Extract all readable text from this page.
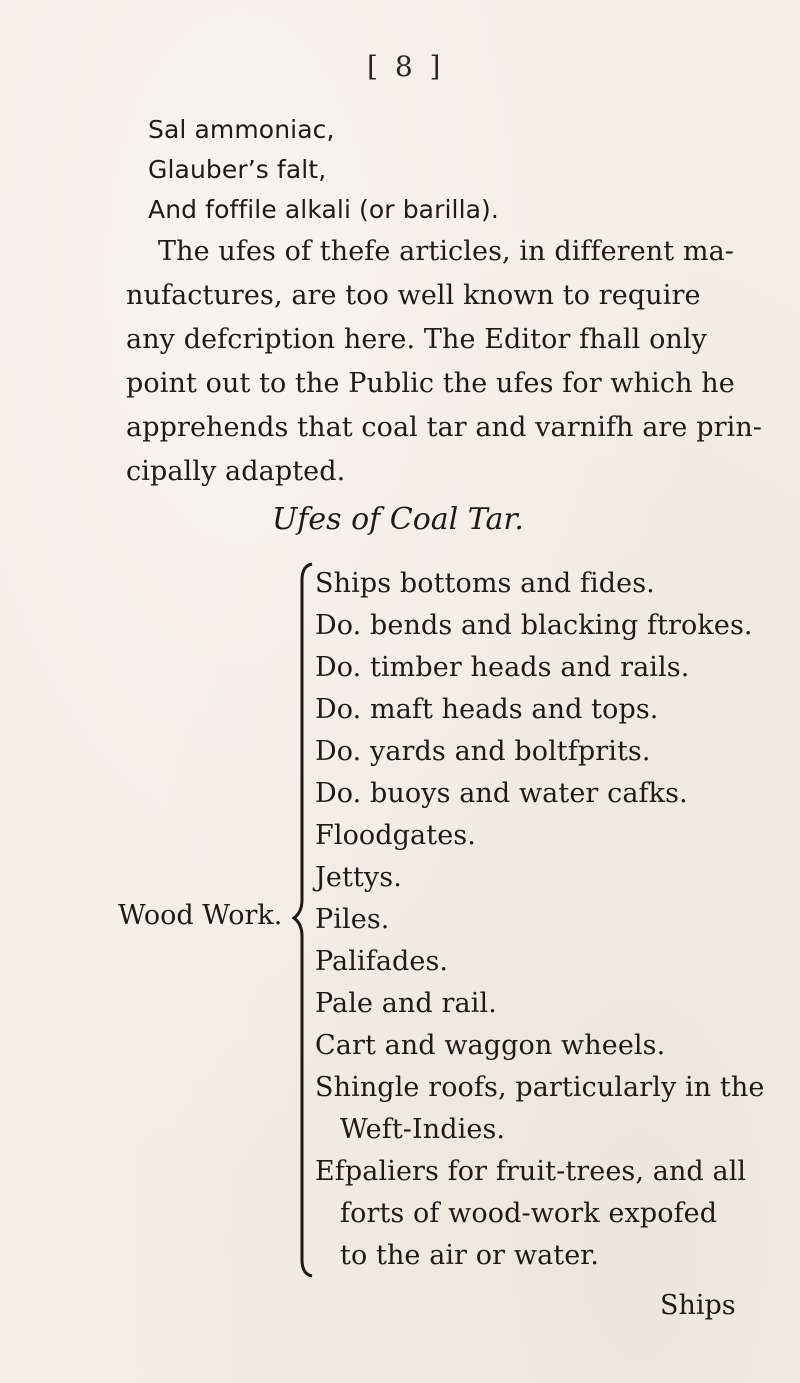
[ 8 ]
Sal ammoniac,
Glauber’s falt,
And foffile alkali (or barilla).
The ufes of thefe articles, in different ma-
nufactures, are too well known to require
any defcription here. The Editor fhall only
point out to the Public the ufes for which he
apprehends that coal tar and varnifh are prin-
cipally adapted.
Ufes of Coal Tar.
Wood Work.
Ships bottoms and fides.
Do. bends and blacking ftrokes.
Do. timber heads and rails.
Do. maft heads and tops.
Do. yards and boltfprits.
Do. buoys and water cafks.
Floodgates.
Jettys.
Piles.
Palifades.
Pale and rail.
Cart and waggon wheels.
Shingle roofs, particularly in the
Weft-Indies.
Efpaliers for fruit-trees, and all
forts of wood-work expofed
to the air or water.
Ships
